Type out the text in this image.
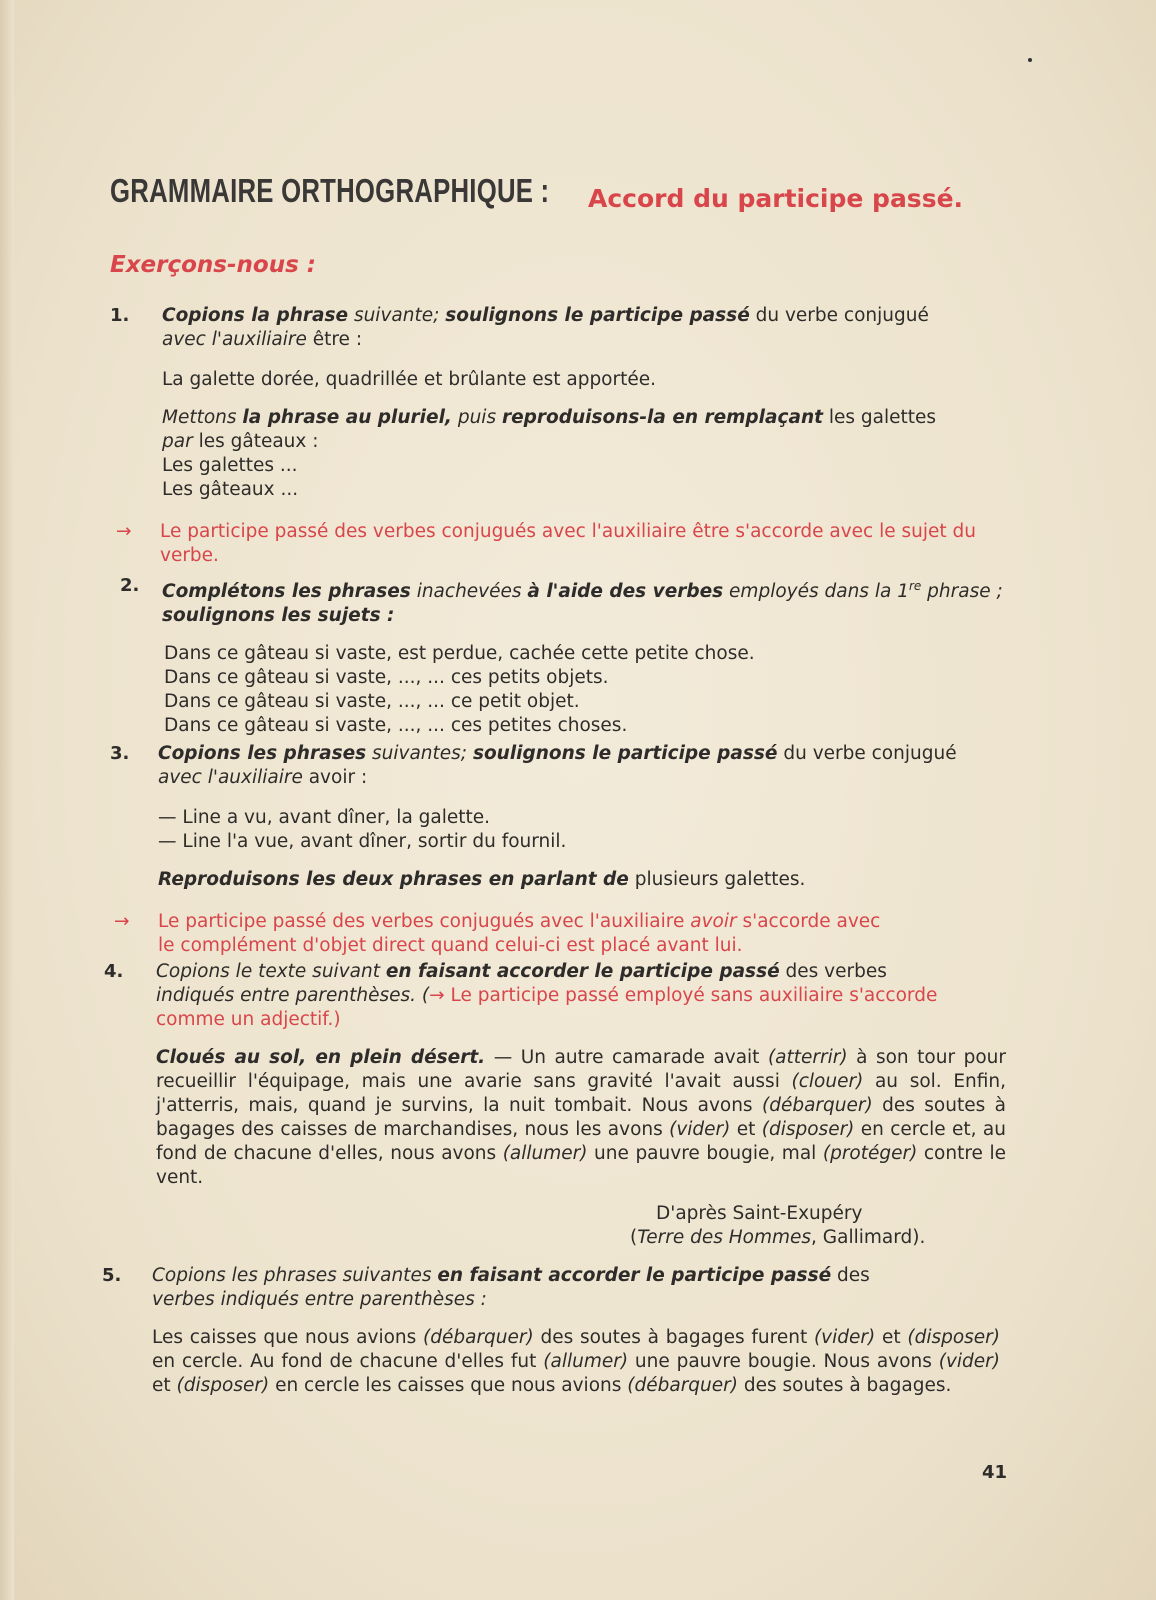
GRAMMAIRE ORTHOGRAPHIQUE : Accord du participe passé.
Exerçons-nous :
1. Copions la phrase suivante; soulignons le participe passé du verbe conjugué
avec l'auxiliaire être :
La galette dorée, quadrillée et brûlante est apportée.
Mettons la phrase au pluriel, puis reproduisons-la en remplaçant les galettes
par les gâteaux :
Les galettes ...
Les gâteaux ...
→ Le participe passé des verbes conjugués avec l'auxiliaire être s'accorde avec le sujet du verbe.
2. Complétons les phrases inachevées à l'aide des verbes employés dans la 1re phrase ;
soulignons les sujets :
Dans ce gâteau si vaste, est perdue, cachée cette petite chose.
Dans ce gâteau si vaste, ..., ... ces petits objets.
Dans ce gâteau si vaste, ..., ... ce petit objet.
Dans ce gâteau si vaste, ..., ... ces petites choses.
3. Copions les phrases suivantes; soulignons le participe passé du verbe conjugué
avec l'auxiliaire avoir :
— Line a vu, avant dîner, la galette.
— Line l'a vue, avant dîner, sortir du fournil.
Reproduisons les deux phrases en parlant de plusieurs galettes.
→ Le participe passé des verbes conjugués avec l'auxiliaire avoir s'accorde avec
le complément d'objet direct quand celui-ci est placé avant lui.
4. Copions le texte suivant en faisant accorder le participe passé des verbes
indiqués entre parenthèses. (→ Le participe passé employé sans auxiliaire s'accorde
comme un adjectif.)
Cloués au sol, en plein désert. — Un autre camarade avait (atterrir) à son tour pour recueillir l'équipage, mais une avarie sans gravité l'avait aussi (clouer) au sol. Enfin, j'atterris, mais, quand je survins, la nuit tombait. Nous avons (débarquer) des soutes à bagages des caisses de marchandises, nous les avons (vider) et (disposer) en cercle et, au fond de chacune d'elles, nous avons (allumer) une pauvre bougie, mal (protéger) contre le vent.
D'après Saint-Exupéry
(Terre des Hommes, Gallimard).
5. Copions les phrases suivantes en faisant accorder le participe passé des
verbes indiqués entre parenthèses :
Les caisses que nous avions (débarquer) des soutes à bagages furent (vider) et (disposer) en cercle. Au fond de chacune d'elles fut (allumer) une pauvre bougie. Nous avons (vider) et (disposer) en cercle les caisses que nous avions (débarquer) des soutes à bagages.
41
